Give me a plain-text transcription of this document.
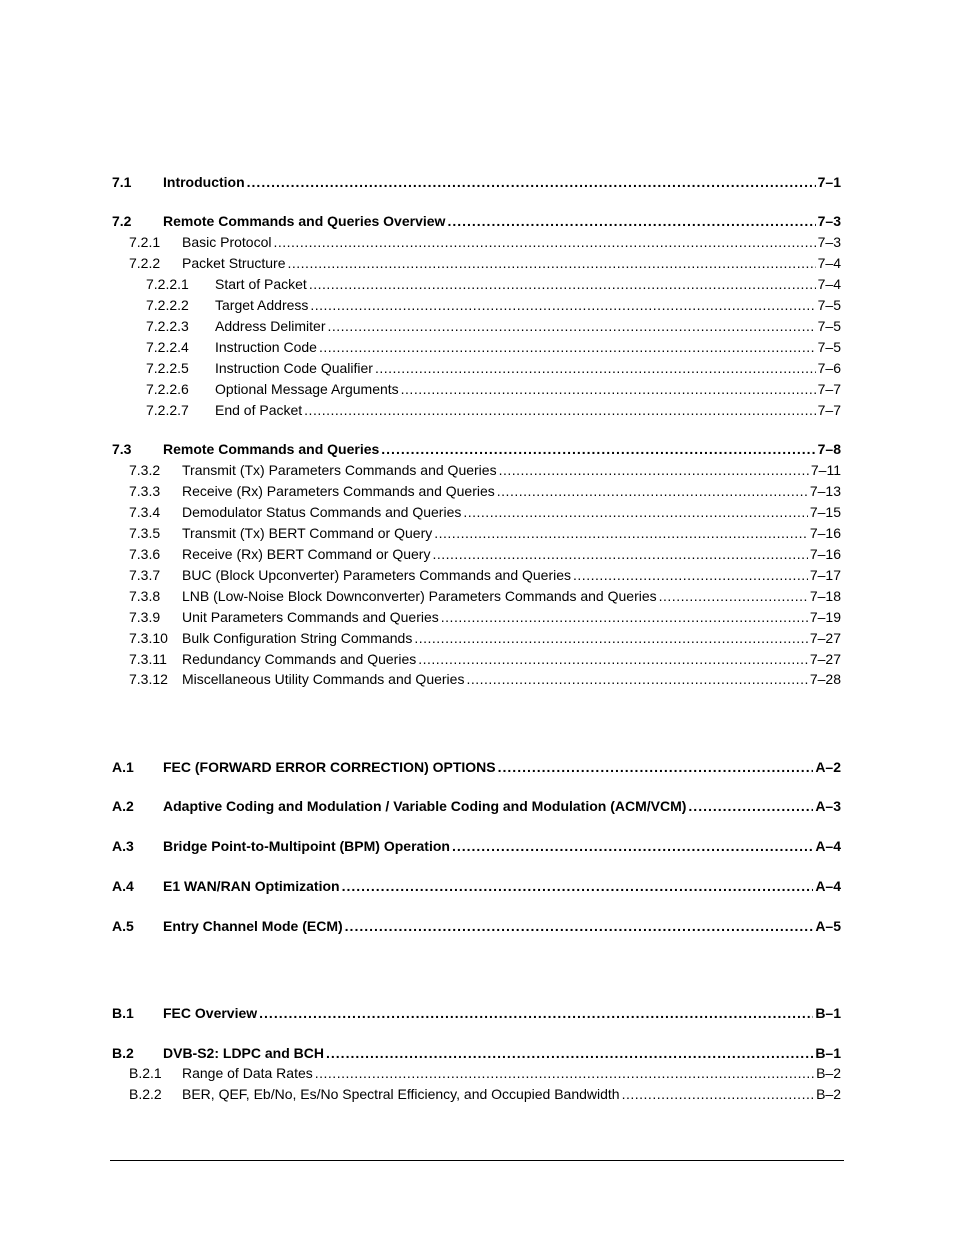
7.1	Introduction .....	7–1
7.2	Remote Commands and Queries Overview .....	7–3
7.2.1	Basic Protocol .....	7–3
7.2.2	Packet Structure .....	7–4
7.2.2.1	Start of Packet .....	7–4
7.2.2.2	Target Address .....	7–5
7.2.2.3	Address Delimiter .....	7–5
7.2.2.4	Instruction Code .....	7–5
7.2.2.5	Instruction Code Qualifier .....	7–6
7.2.2.6	Optional Message Arguments .....	7–7
7.2.2.7	End of Packet .....	7–7
7.3	Remote Commands and Queries .....	7–8
7.3.2	Transmit (Tx) Parameters Commands and Queries .....	7–11
7.3.3	Receive (Rx) Parameters Commands and Queries .....	7–13
7.3.4	Demodulator Status Commands and Queries .....	7–15
7.3.5	Transmit (Tx) BERT Command or Query .....	7–16
7.3.6	Receive (Rx) BERT Command or Query .....	7–16
7.3.7	BUC (Block Upconverter) Parameters Commands and Queries .....	7–17
7.3.8	LNB (Low-Noise Block Downconverter) Parameters Commands and Queries .....	7–18
7.3.9	Unit Parameters Commands and Queries .....	7–19
7.3.10	Bulk Configuration String Commands .....	7–27
7.3.11	Redundancy Commands and Queries .....	7–27
7.3.12	Miscellaneous Utility Commands and Queries .....	7–28
A.1	FEC (FORWARD ERROR CORRECTION) OPTIONS .....	A–2
A.2	Adaptive Coding and Modulation / Variable Coding and Modulation (ACM/VCM) .....	A–3
A.3	Bridge Point-to-Multipoint (BPM) Operation .....	A–4
A.4	E1 WAN/RAN Optimization .....	A–4
A.5	Entry Channel Mode (ECM) .....	A–5
B.1	FEC Overview .....	B–1
B.2	DVB-S2: LDPC and BCH .....	B–1
B.2.1	Range of Data Rates .....	B–2
B.2.2	BER, QEF, Eb/No, Es/No Spectral Efficiency, and Occupied Bandwidth .....	B–2
